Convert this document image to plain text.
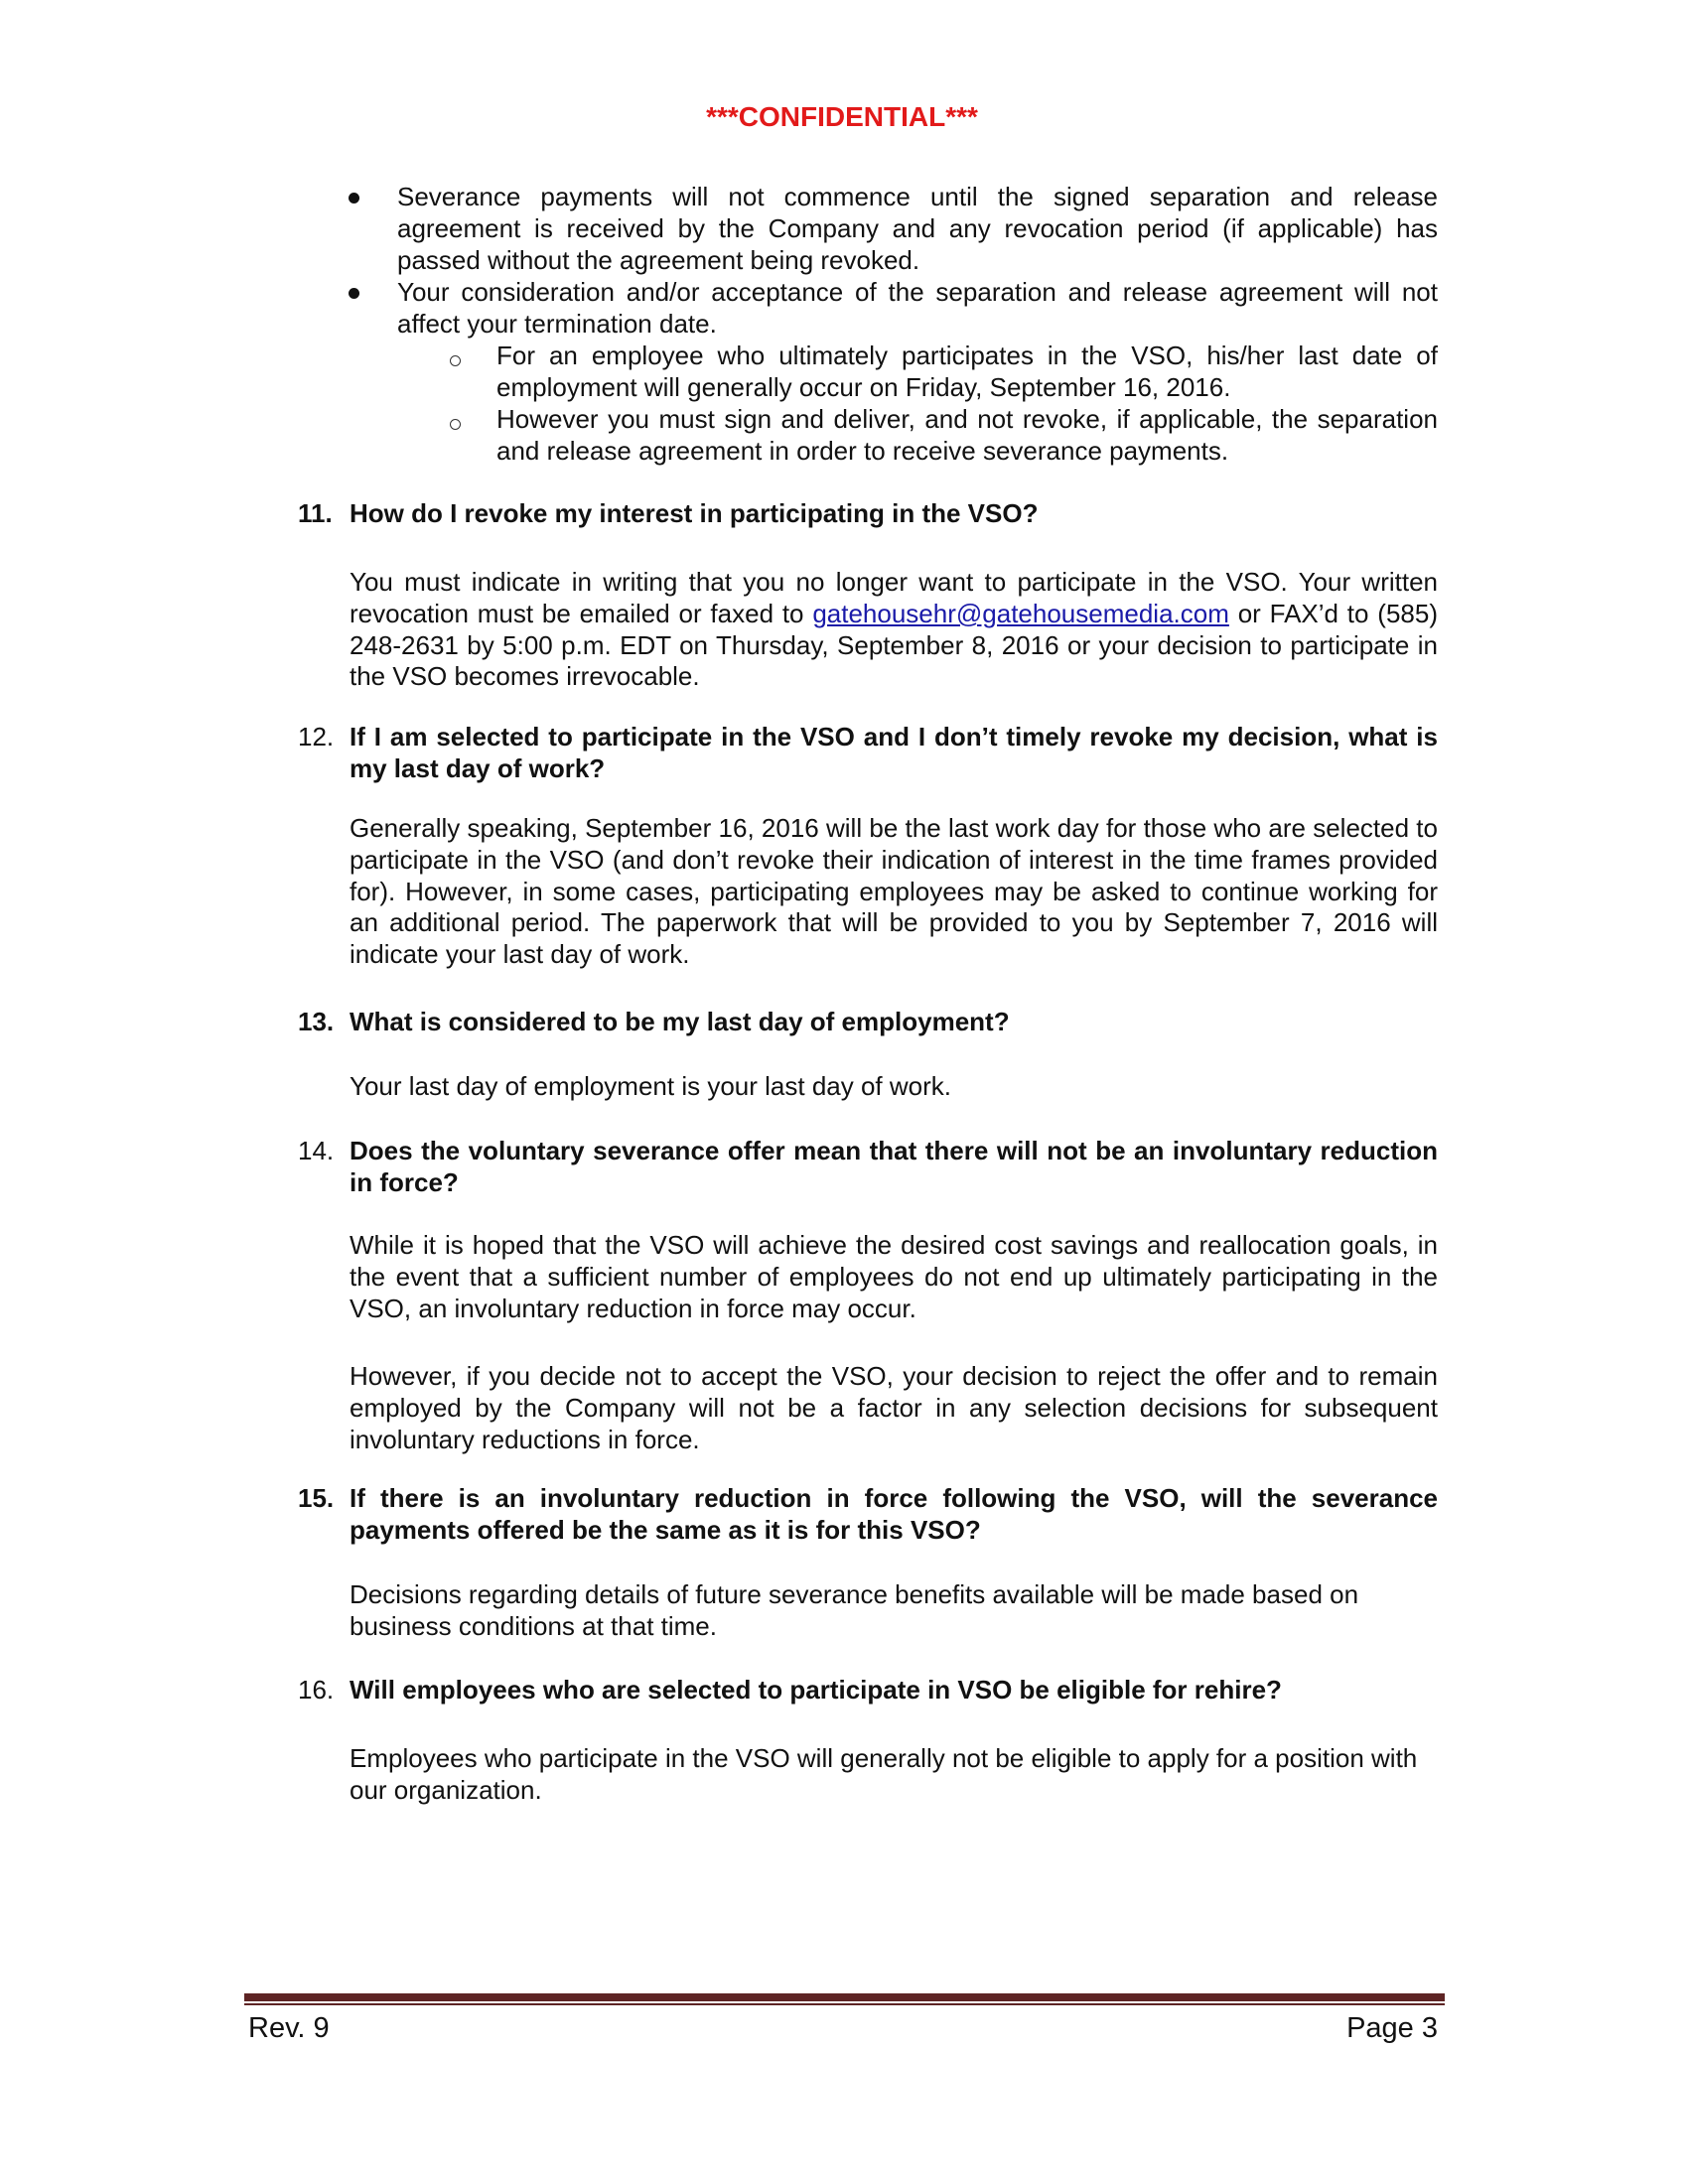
***CONFIDENTIAL***
Severance payments will not commence until the signed separation and release agreement is received by the Company and any revocation period (if applicable) has passed without the agreement being revoked.
Your consideration and/or acceptance of the separation and release agreement will not affect your termination date.
For an employee who ultimately participates in the VSO, his/her last date of employment will generally occur on Friday, September 16, 2016.
However you must sign and deliver, and not revoke, if applicable, the separation and release agreement in order to receive severance payments.
11. How do I revoke my interest in participating in the VSO?
You must indicate in writing that you no longer want to participate in the VSO. Your written revocation must be emailed or faxed to gatehousehr@gatehousemedia.com or FAX’d to (585) 248-2631 by 5:00 p.m. EDT on Thursday, September 8, 2016 or your decision to participate in the VSO becomes irrevocable.
12. If I am selected to participate in the VSO and I don’t timely revoke my decision, what is my last day of work?
Generally speaking, September 16, 2016 will be the last work day for those who are selected to participate in the VSO (and don’t revoke their indication of interest in the time frames provided for). However, in some cases, participating employees may be asked to continue working for an additional period. The paperwork that will be provided to you by September 7, 2016 will indicate your last day of work.
13. What is considered to be my last day of employment?
Your last day of employment is your last day of work.
14. Does the voluntary severance offer mean that there will not be an involuntary reduction in force?
While it is hoped that the VSO will achieve the desired cost savings and reallocation goals, in the event that a sufficient number of employees do not end up ultimately participating in the VSO, an involuntary reduction in force may occur.
However, if you decide not to accept the VSO, your decision to reject the offer and to remain employed by the Company will not be a factor in any selection decisions for subsequent involuntary reductions in force.
15. If there is an involuntary reduction in force following the VSO, will the severance payments offered be the same as it is for this VSO?
Decisions regarding details of future severance benefits available will be made based on business conditions at that time.
16. Will employees who are selected to participate in VSO be eligible for rehire?
Employees who participate in the VSO will generally not be eligible to apply for a position with our organization.
Rev. 9	Page 3
